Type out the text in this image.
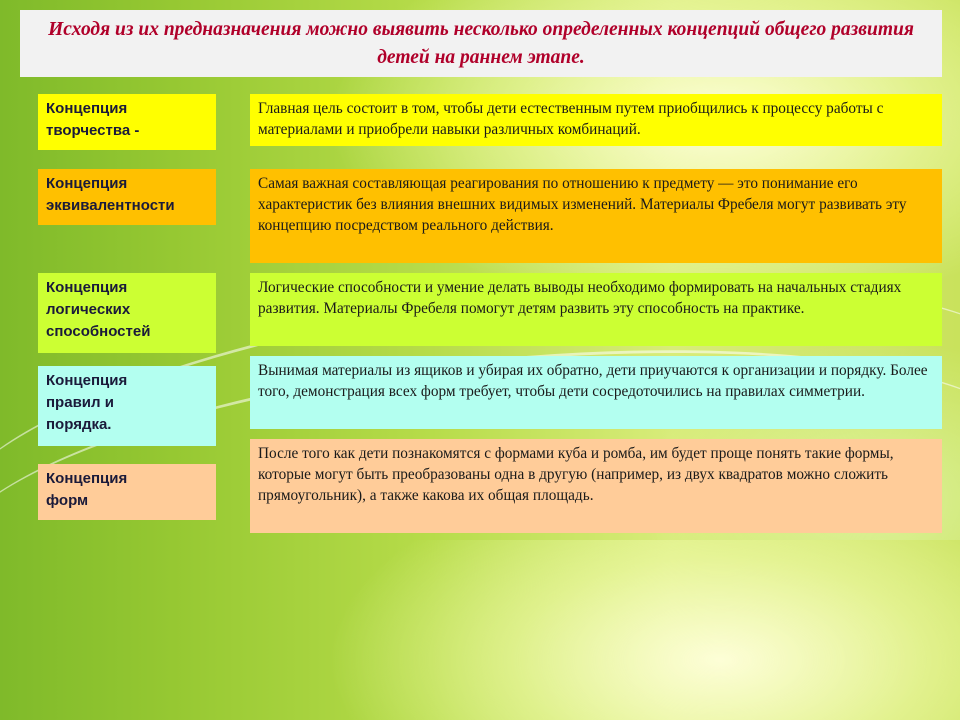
Исходя из их предназначения можно выявить несколько определенных концепций общего развития детей на раннем этапе.

Концепция
творчества -
Главная цель состоит в том, чтобы дети естественным путем приобщились к процессу работы с материалами и приобрели навыки различных комбинаций.
Концепция
эквивалентности
Самая важная составляющая реагирования по отношению к предмету — это понимание его характеристик без влияния внешних видимых изменений. Материалы Фребеля могут развивать эту концепцию посредством реального действия.
Концепция
логических
способностей
Логические способности и умение делать выводы необходимо формировать на начальных стадиях развития. Материалы Фребеля помогут детям развить эту способность на практике.
Концепция
правил и
порядка.
Вынимая материалы из ящиков и убирая их обратно, дети приучаются к организации и порядку. Более того, демонстрация всех форм требует, чтобы дети сосредоточились на правилах симметрии.
Концепция
форм
После того как дети познакомятся с формами куба и ромба, им будет проще понять такие формы, которые могут быть преобразованы одна в другую (например, из двух квадратов можно сложить прямоугольник), а также какова их общая площадь.
